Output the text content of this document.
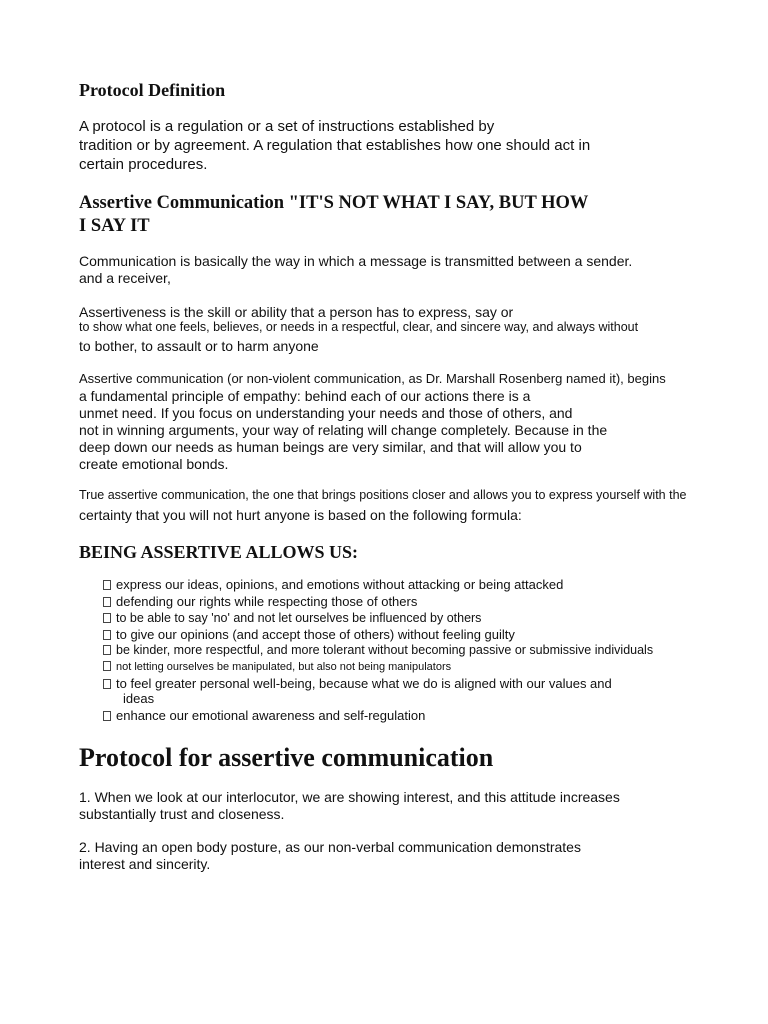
Protocol Definition
A protocol is a regulation or a set of instructions established by
tradition or by agreement. A regulation that establishes how one should act in
certain procedures.
Assertive Communication "IT'S NOT WHAT I SAY, BUT HOW
I SAY IT
Communication is basically the way in which a message is transmitted between a sender.
and a receiver,
Assertiveness is the skill or ability that a person has to express, say or
to show what one feels, believes, or needs in a respectful, clear, and sincere way, and always without
to bother, to assault or to harm anyone
Assertive communication (or non-violent communication, as Dr. Marshall Rosenberg named it), begins
a fundamental principle of empathy: behind each of our actions there is a
unmet need. If you focus on understanding your needs and those of others, and
not in winning arguments, your way of relating will change completely. Because in the
deep down our needs as human beings are very similar, and that will allow you to
create emotional bonds.
True assertive communication, the one that brings positions closer and allows you to express yourself with the
certainty that you will not hurt anyone is based on the following formula:
BEING ASSERTIVE ALLOWS US:
express our ideas, opinions, and emotions without attacking or being attacked
defending our rights while respecting those of others
to be able to say 'no' and not let ourselves be influenced by others
to give our opinions (and accept those of others) without feeling guilty
be kinder, more respectful, and more tolerant without becoming passive or submissive individuals
not letting ourselves be manipulated, but also not being manipulators
to feel greater personal well-being, because what we do is aligned with our values and
ideas
enhance our emotional awareness and self-regulation
Protocol for assertive communication
1. When we look at our interlocutor, we are showing interest, and this attitude increases
substantially trust and closeness.
2. Having an open body posture, as our non-verbal communication demonstrates
interest and sincerity.
